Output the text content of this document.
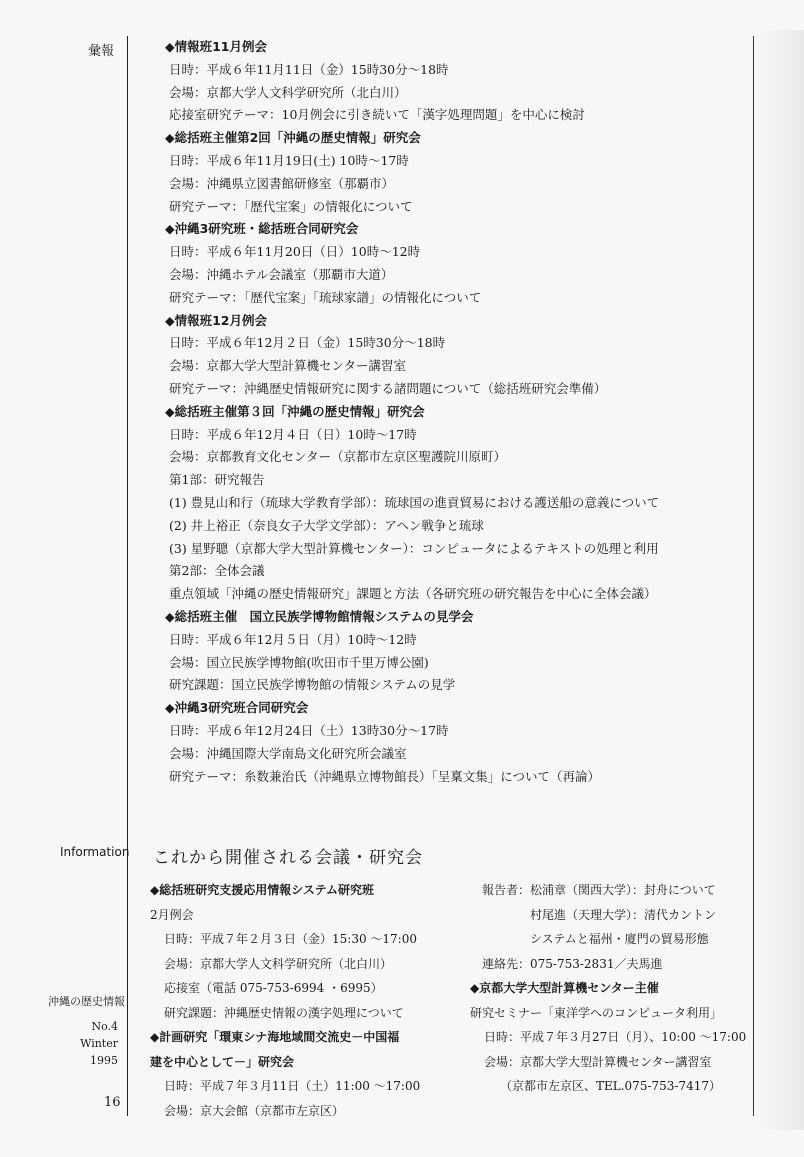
彙報
Information
沖縄の歴史情報
No.4
Winter
1995
16
◆情報班11月例会
日時：平成６年11月11日（金）15時30分～18時
会場：京都大学人文科学研究所（北白川）
応接室研究テーマ：10月例会に引き続いて「漢字処理問題」を中心に検討
◆総括班主催第2回「沖縄の歴史情報」研究会
日時：平成６年11月19日(土) 10時～17時
会場：沖縄県立図書館研修室（那覇市）
研究テーマ：「歴代宝案」の情報化について
◆沖縄3研究班・総括班合同研究会
日時：平成６年11月20日（日）10時～12時
会場：沖縄ホテル会議室（那覇市大道）
研究テーマ：「歴代宝案」「琉球家譜」の情報化について
◆情報班12月例会
日時：平成６年12月２日（金）15時30分～18時
会場：京都大学大型計算機センター講習室
研究テーマ：沖縄歴史情報研究に関する諸問題について（総括班研究会準備）
◆総括班主催第３回「沖縄の歴史情報」研究会
日時：平成６年12月４日（日）10時～17時
会場：京都教育文化センター（京都市左京区聖護院川原町）
第1部：研究報告
(1) 豊見山和行（琉球大学教育学部）：琉球国の進貢貿易における護送船の意義について
(2) 井上裕正（奈良女子大学文学部）：アヘン戦争と琉球
(3) 星野聰（京都大学大型計算機センター）：コンピュータによるテキストの処理と利用
第2部：全体会議
重点領域「沖縄の歴史情報研究」課題と方法（各研究班の研究報告を中心に全体会議）
◆総括班主催　国立民族学博物館情報システムの見学会
日時：平成６年12月５日（月）10時～12時
会場：国立民族学博物館(吹田市千里万博公園)
研究課題：国立民族学博物館の情報システムの見学
◆沖縄3研究班合同研究会
日時：平成６年12月24日（土）13時30分～17時
会場：沖縄国際大学南島文化研究所会議室
研究テーマ：糸数兼治氏（沖縄県立博物館長）「呈稟文集」について（再論）
これから開催される会議・研究会
◆総括班研究支援応用情報システム研究班
2月例会
日時：平成７年２月３日（金）15:30 ～17:00
会場：京都大学人文科学研究所（北白川）
応接室（電話 075-753-6994 ・6995）
研究課題：沖縄歴史情報の漢字処理について
◆計画研究「環東シナ海地域間交流史－中国福
建を中心として－」研究会
日時：平成７年３月11日（土）11:00 ～17:00
会場：京大会館（京都市左京区）
報告者：松浦章（関西大学）：封舟について
村尾進（天理大学）：清代カントン
システムと福州・廈門の貿易形態
連絡先：075-753-2831／夫馬進
◆京都大学大型計算機センター主催
研究セミナー「東洋学へのコンピュータ利用」
日時：平成７年３月27日（月）、10:00 ～17:00
会場：京都大学大型計算機センター講習室
（京都市左京区、TEL.075-753-7417）
